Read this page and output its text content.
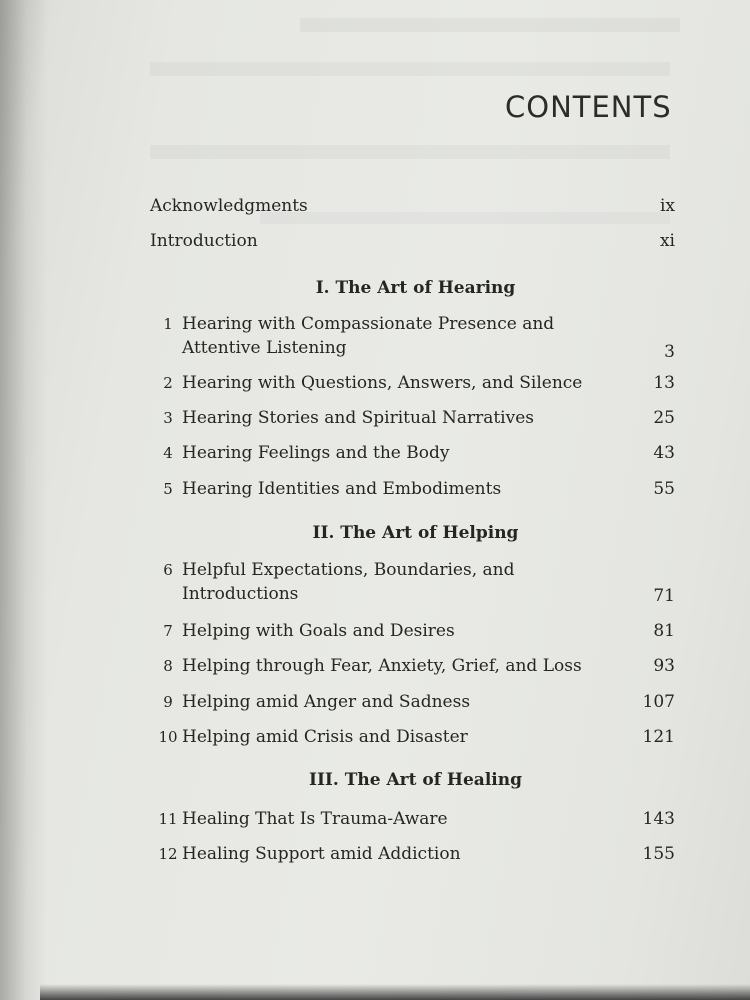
CONTENTS
Acknowledgments	ix
Introduction	xi
I. The Art of Hearing
1 Hearing with Compassionate Presence and
Attentive Listening	3
2 Hearing with Questions, Answers, and Silence	13
3 Hearing Stories and Spiritual Narratives	25
4 Hearing Feelings and the Body	43
5 Hearing Identities and Embodiments	55
II. The Art of Helping
6 Helpful Expectations, Boundaries, and
Introductions	71
7 Helping with Goals and Desires	81
8 Helping through Fear, Anxiety, Grief, and Loss	93
9 Helping amid Anger and Sadness	107
10 Helping amid Crisis and Disaster	121
III. The Art of Healing
11 Healing That Is Trauma-Aware	143
12 Healing Support amid Addiction	155
